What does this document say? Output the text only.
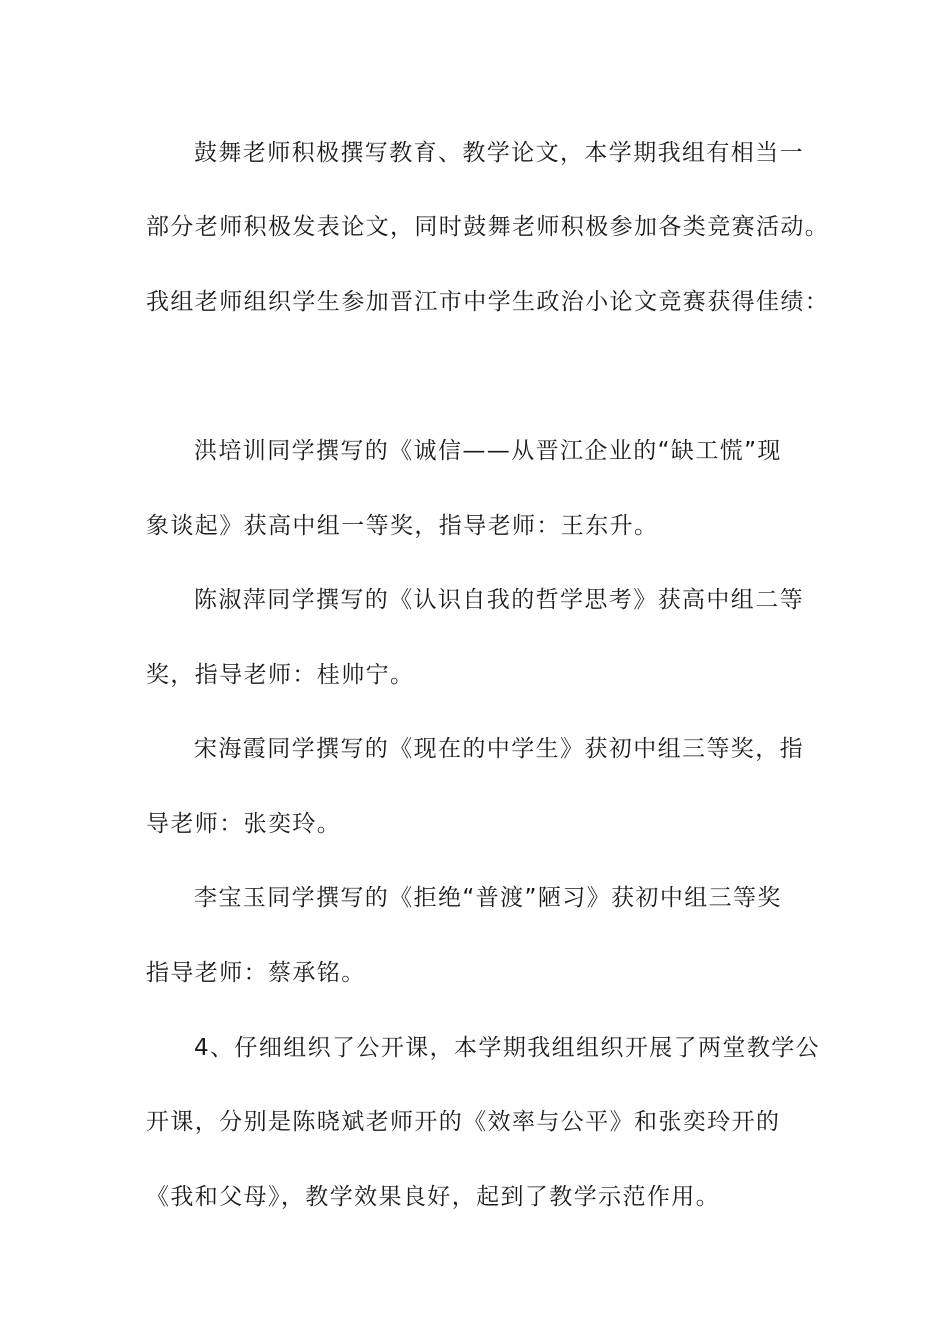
鼓舞老师积极撰写教育、教学论文，本学期我组有相当一
部分老师积极发表论文，同时鼓舞老师积极参加各类竞赛活动。
我组老师组织学生参加晋江市中学生政治小论文竞赛获得佳绩：
洪培训同学撰写的《诚信——从晋江企业的“缺工慌”现
象谈起》获高中组一等奖，指导老师：王东升。
陈淑萍同学撰写的《认识自我的哲学思考》获高中组二等
奖，指导老师：桂帅宁。
宋海霞同学撰写的《现在的中学生》获初中组三等奖，指
导老师：张奕玲。
李宝玉同学撰写的《拒绝“普渡”陋习》获初中组三等奖
指导老师：蔡承铭。
4、仔细组织了公开课，本学期我组组织开展了两堂教学公
开课，分别是陈晓斌老师开的《效率与公平》和张奕玲开的
《我和父母》，教学效果良好，起到了教学示范作用。
